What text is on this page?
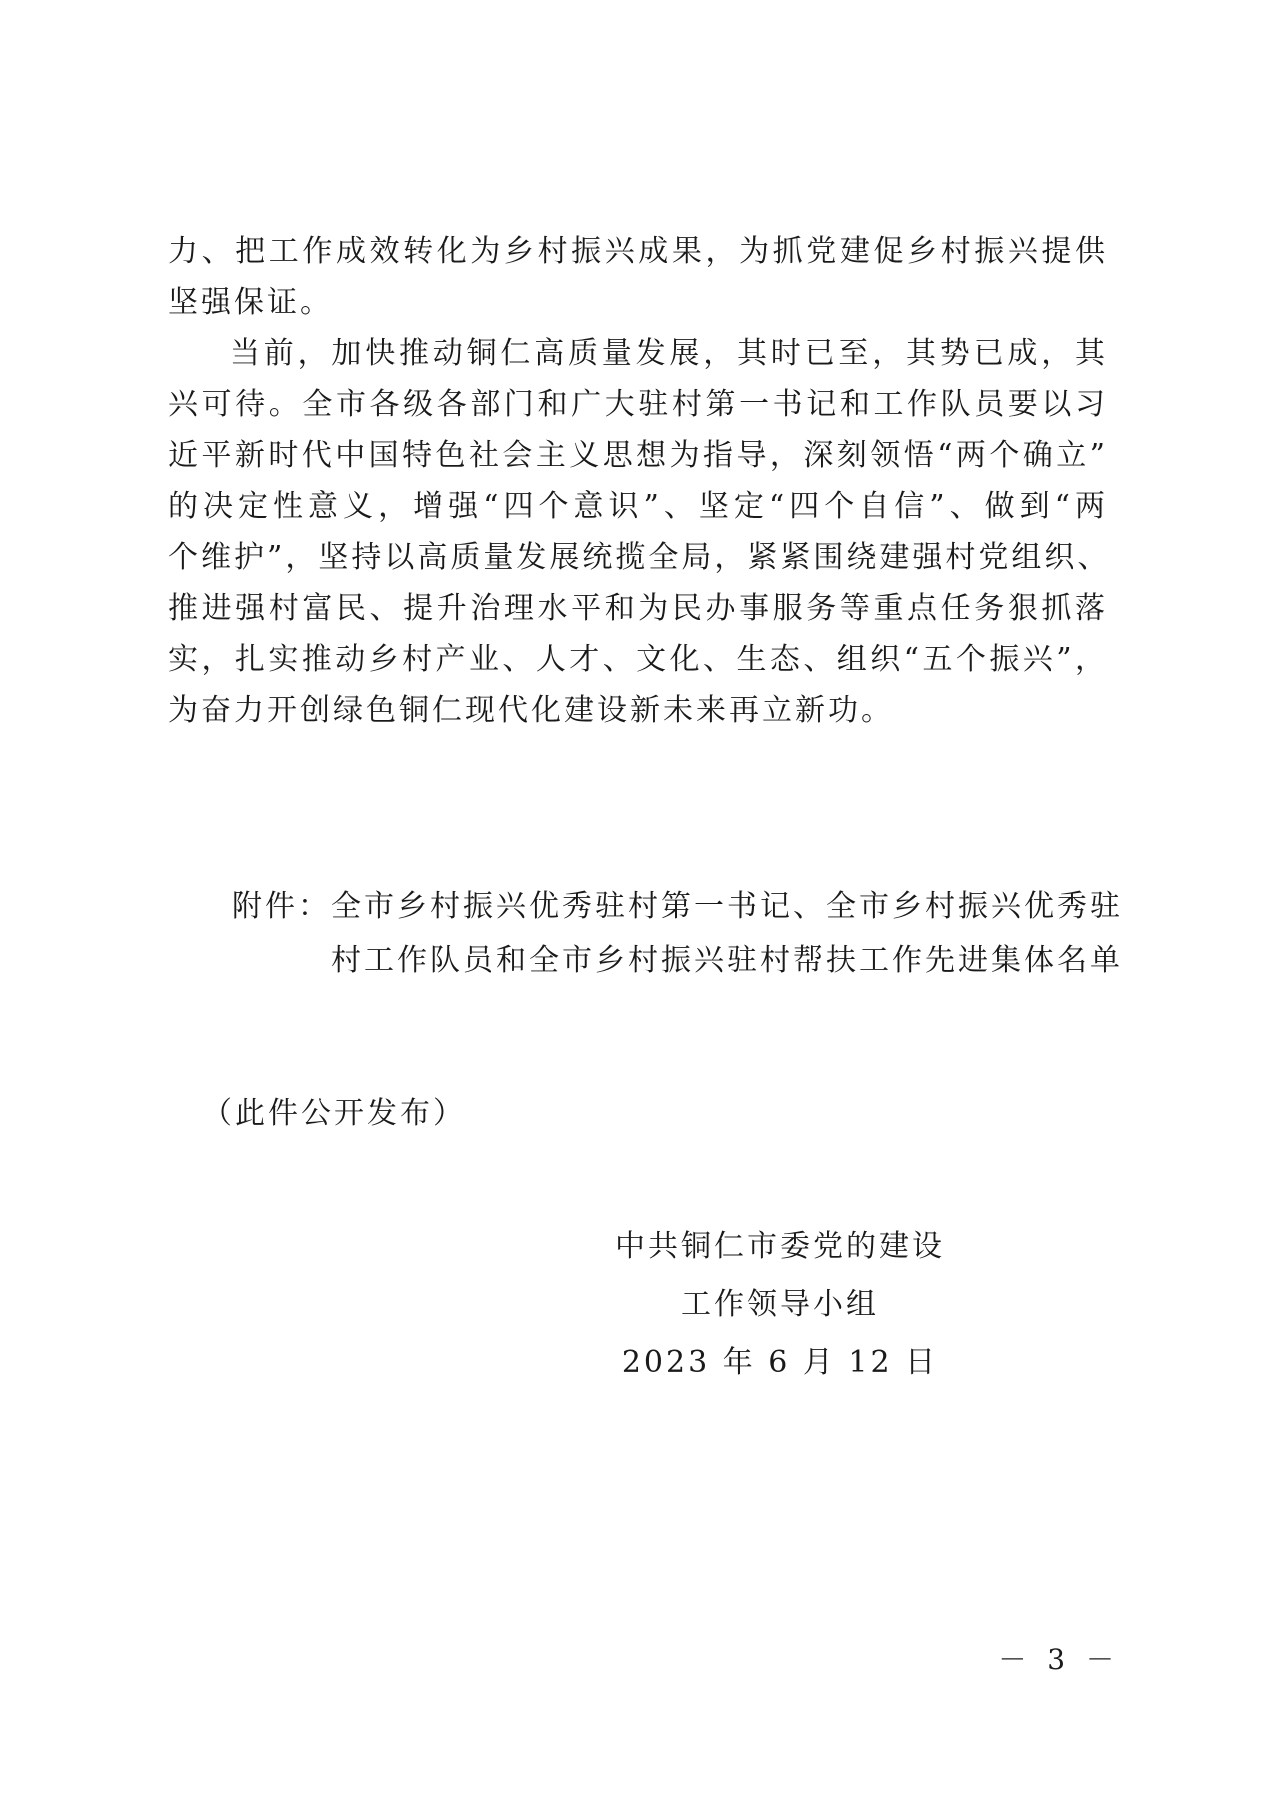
力、把工作成效转化为乡村振兴成果，为抓党建促乡村振兴提供
坚强保证。

当前，加快推动铜仁高质量发展，其时已至，其势已成，其
兴可待。全市各级各部门和广大驻村第一书记和工作队员要以习
近平新时代中国特色社会主义思想为指导，深刻领悟“两个确立”
的决定性意义，增强“四个意识”、坚定“四个自信”、做到“两
个维护”，坚持以高质量发展统揽全局，紧紧围绕建强村党组织、
推进强村富民、提升治理水平和为民办事服务等重点任务狠抓落
实，扎实推动乡村产业、人才、文化、生态、组织“五个振兴”，
为奋力开创绿色铜仁现代化建设新未来再立新功。

附件： 全市乡村振兴优秀驻村第一书记、全市乡村振兴优秀驻
村工作队员和全市乡村振兴驻村帮扶工作先进集体名单
（此件公开发布）
中共铜仁市委党的建设
工作领导小组
2023 年 6 月 12 日
－ 3 －
